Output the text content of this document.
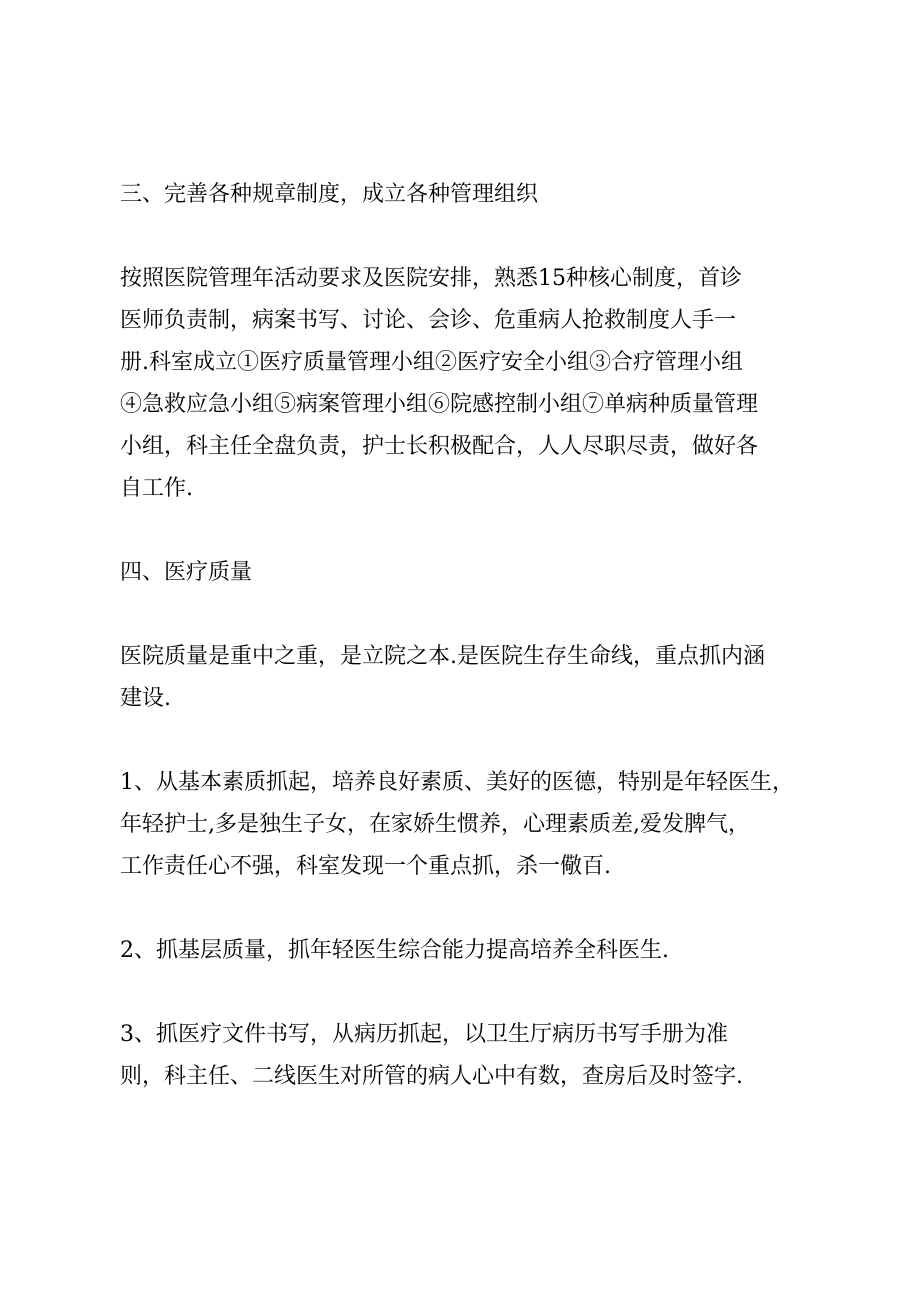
三、完善各种规章制度，成立各种管理组织

按照医院管理年活动要求及医院安排，熟悉15种核心制度，首诊
医师负责制，病案书写、讨论、会诊、危重病人抢救制度人手一
册.科室成立①医疗质量管理小组②医疗安全小组③合疗管理小组
④急救应急小组⑤病案管理小组⑥院感控制小组⑦单病种质量管理
小组，科主任全盘负责，护士长积极配合，人人尽职尽责，做好各
自工作.

四、医疗质量

医院质量是重中之重，是立院之本.是医院生存生命线，重点抓内涵
建设.

1、从基本素质抓起，培养良好素质、美好的医德，特别是年轻医生，
年轻护士,多是独生子女，在家娇生惯养，心理素质差,爱发脾气，
工作责任心不强，科室发现一个重点抓，杀一儆百.

2、抓基层质量，抓年轻医生综合能力提高培养全科医生.

3、抓医疗文件书写，从病历抓起，以卫生厅病历书写手册为准
则，科主任、二线医生对所管的病人心中有数，查房后及时签字.
